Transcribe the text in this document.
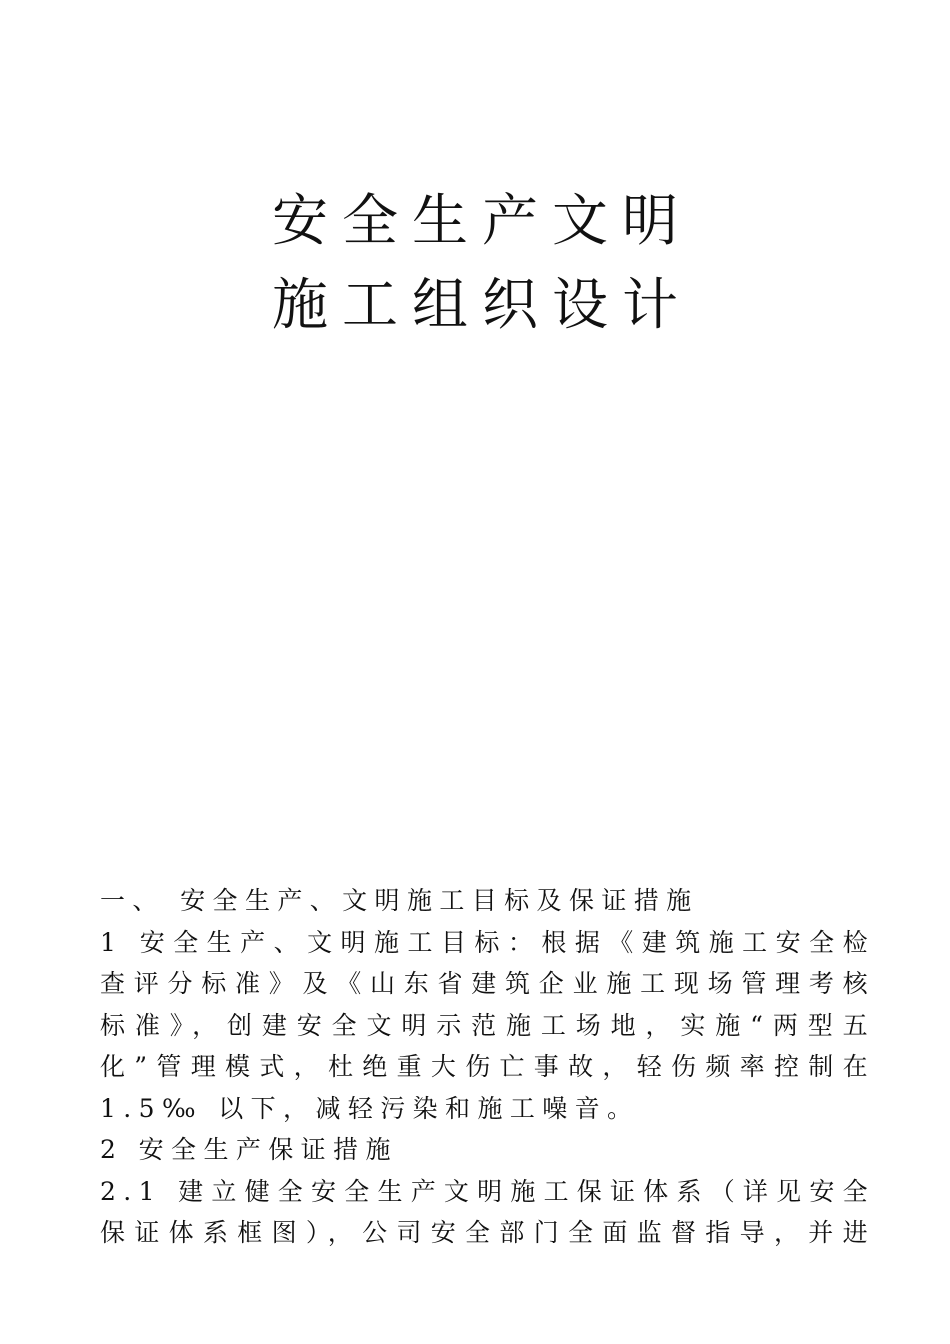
安全生产文明
施工组织设计
一、 安全生产、文明施工目标及保证措施
1 安全生产、文明施工目标：根据《建筑施工安全检
查评分标准》及《山东省建筑企业施工现场管理考核
标准》，创建安全文明示范施工场地，实施“两型五
化”管理模式，杜绝重大伤亡事故，轻伤频率控制在
1.5‰ 以下，减轻污染和施工噪音。
2 安全生产保证措施
2.1 建立健全安全生产文明施工保证体系（详见安全
保证体系框图），公司安全部门全面监督指导，并进
